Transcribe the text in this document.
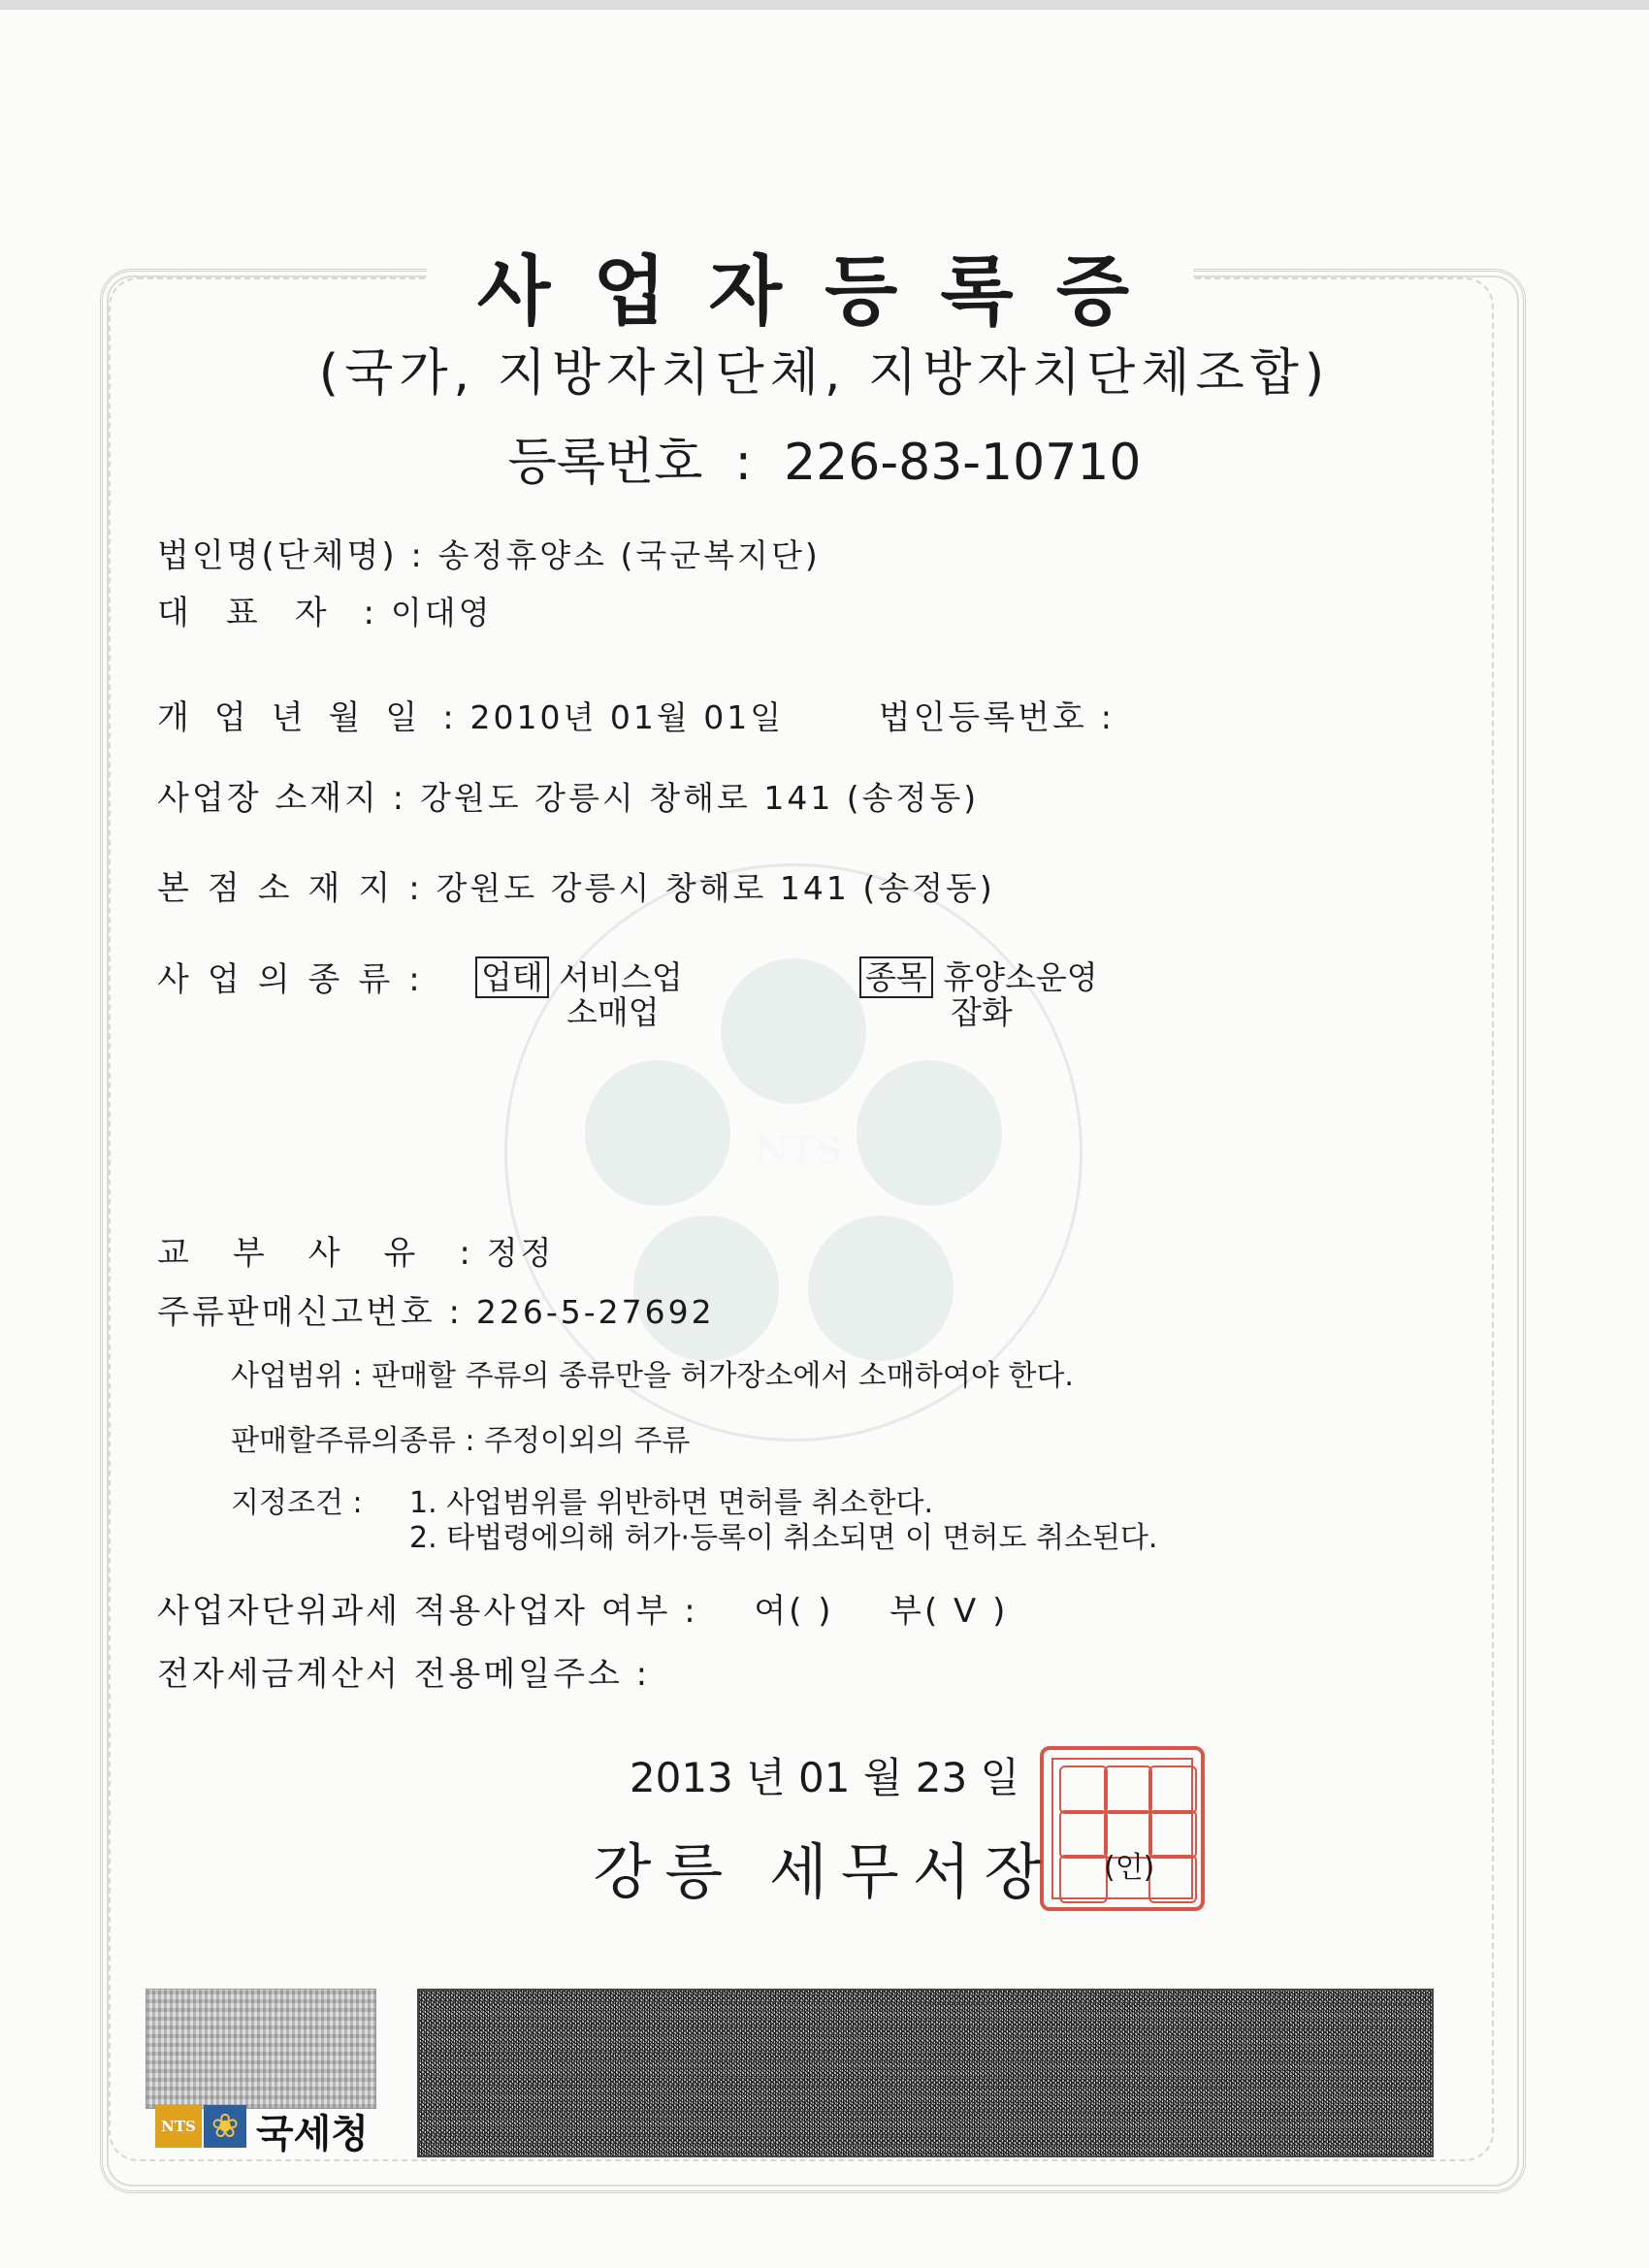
NTS
사업자등록증
(국가, 지방자치단체, 지방자치단체조합)
등록번호  :  226-83-10710
법인명(단체명) : 송정휴양소 (국군복지단)
대표자: 이대영
개업년월일: 2010년 01월 01일	법인등록번호 :
사업장 소재지 : 강원도 강릉시 창해로 141 (송정동)
본점소재지: 강원도 강릉시 창해로 141 (송정동)
사업의종류: 업태 서비스업
소매업
종목 휴양소운영
잡화
교부사유: 정정
주류판매신고번호 : 226-5-27692
사업범위 : 판매할 주류의 종류만을 허가장소에서 소매하여야 한다.
판매할주류의종류 : 주정이외의 주류
지정조건 : 1. 사업범위를 위반하면 면허를 취소한다.
2. 타법령에의해 허가·등록이 취소되면 이 면허도 취소된다.
사업자단위과세 적용사업자 여부 : 여( ) 부( V )
전자세금계산서 전용메일주소 :
2013 년 01 월 23 일
강릉 세무서장	(인)
NTS ❀ 국세청
